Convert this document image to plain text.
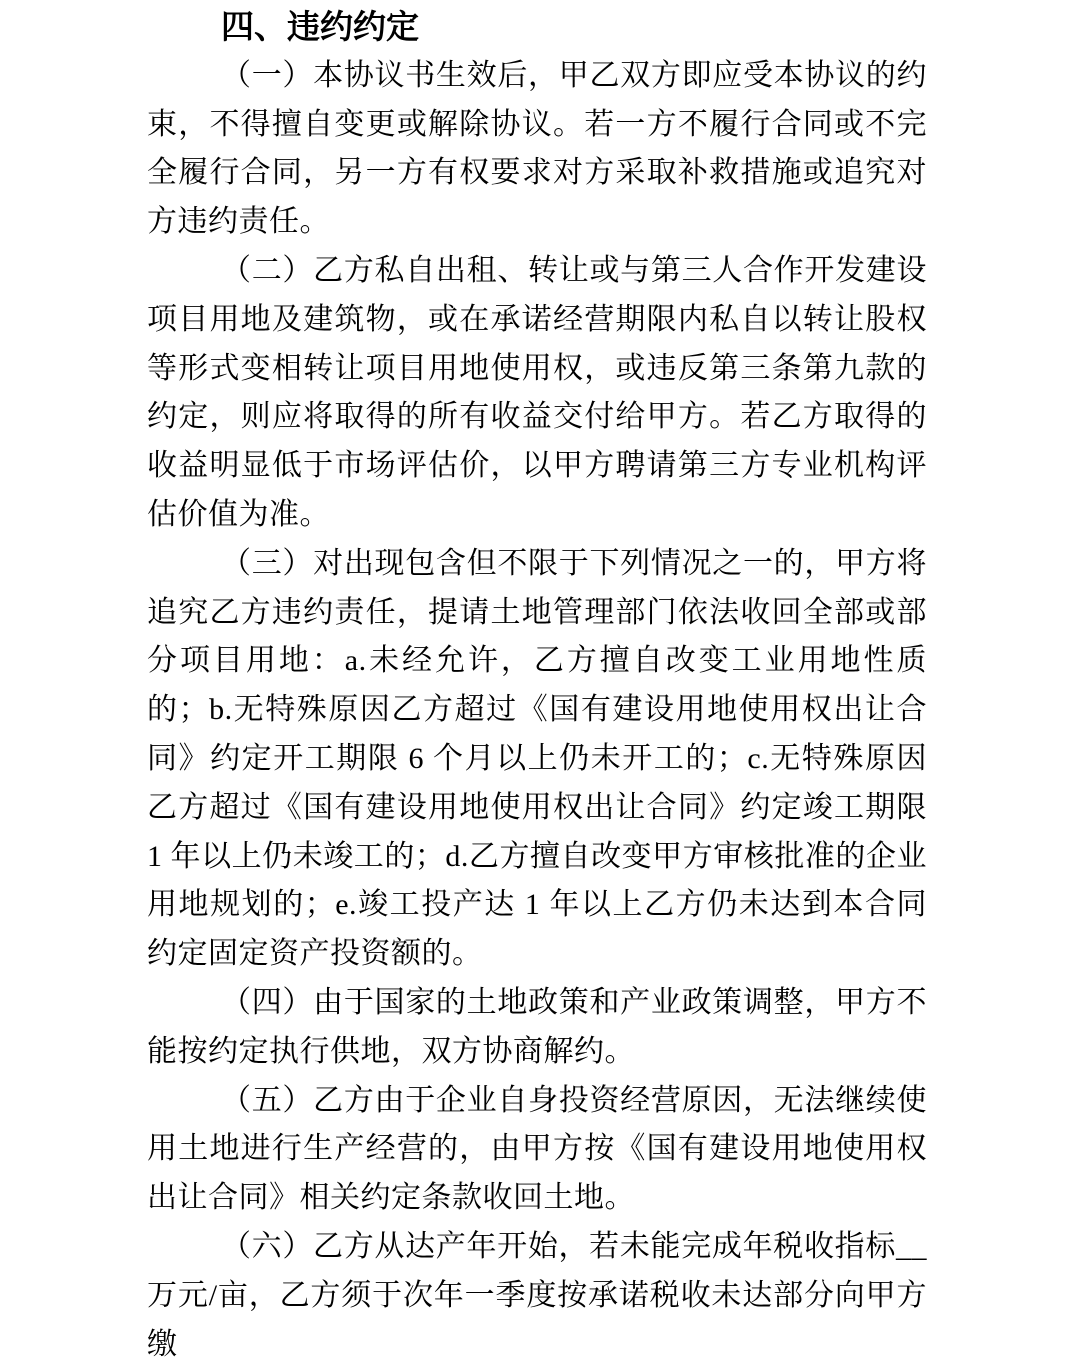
四、违约约定

（一）本协议书生效后，甲乙双方即应受本协议的约束，不得擅自变更或解除协议。若一方不履行合同或不完全履行合同，另一方有权要求对方采取补救措施或追究对方违约责任。

（二）乙方私自出租、转让或与第三人合作开发建设项目用地及建筑物，或在承诺经营期限内私自以转让股权等形式变相转让项目用地使用权，或违反第三条第九款的约定，则应将取得的所有收益交付给甲方。若乙方取得的收益明显低于市场评估价，以甲方聘请第三方专业机构评估价值为准。

（三）对出现包含但不限于下列情况之一的，甲方将追究乙方违约责任，提请土地管理部门依法收回全部或部分项目用地：a.未经允许，乙方擅自改变工业用地性质的；b.无特殊原因乙方超过《国有建设用地使用权出让合同》约定开工期限 6 个月以上仍未开工的；c.无特殊原因乙方超过《国有建设用地使用权出让合同》约定竣工期限 1 年以上仍未竣工的；d.乙方擅自改变甲方审核批准的企业用地规划的；e.竣工投产达 1 年以上乙方仍未达到本合同约定固定资产投资额的。

（四）由于国家的土地政策和产业政策调整，甲方不能按约定执行供地，双方协商解约。

（五）乙方由于企业自身投资经营原因，无法继续使用土地进行生产经营的，由甲方按《国有建设用地使用权出让合同》相关约定条款收回土地。

（六）乙方从达产年开始，若未能完成年税收指标__万元/亩，乙方须于次年一季度按承诺税收未达部分向甲方缴
